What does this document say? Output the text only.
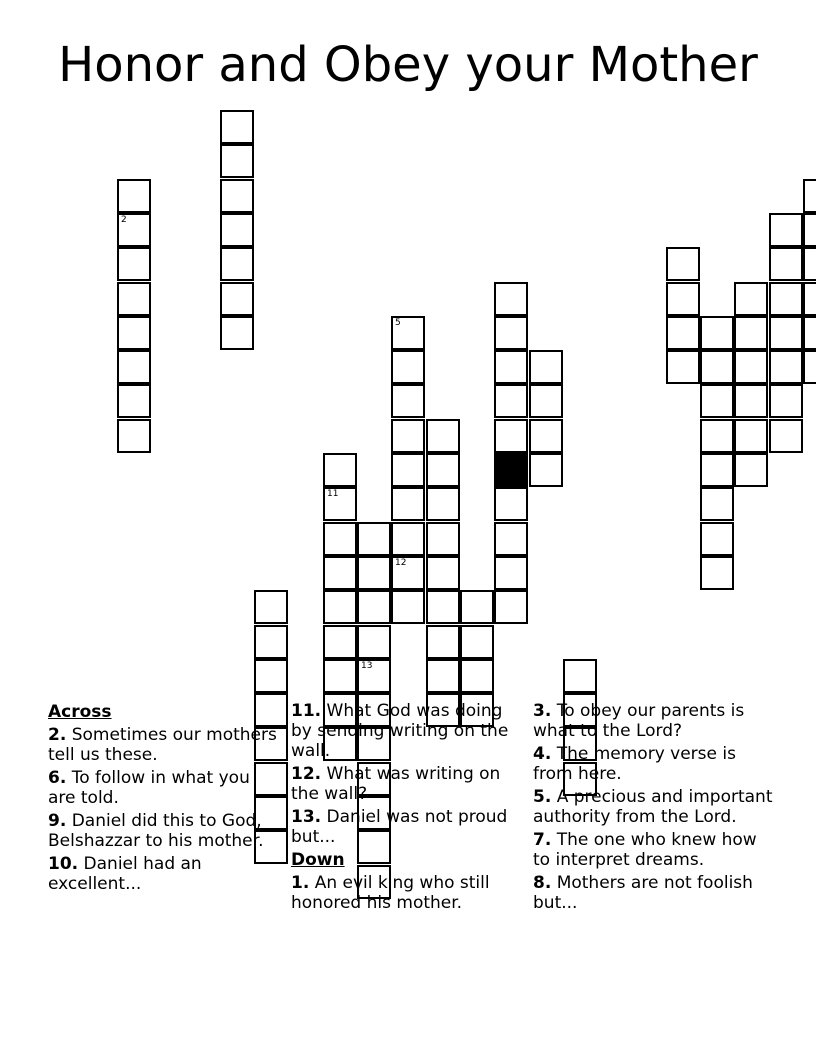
Honor and Obey your Mother
2
11
13
5
12
Across
2. Sometimes our mothers tell us these.
6. To follow in what you are told.
9. Daniel did this to God, Belshazzar to his mother.
10. Daniel had an excellent...
11. What God was doing by sending writing on the wall.
12. What was writing on the wall?
13. Daniel was not proud but...
Down
1. An evil king who still honored his mother.
3. To obey our parents is what to the Lord?
4. The memory verse is from here.
5. A precious and important authority from the Lord.
7. The one who knew how to interpret dreams.
8. Mothers are not foolish but...
